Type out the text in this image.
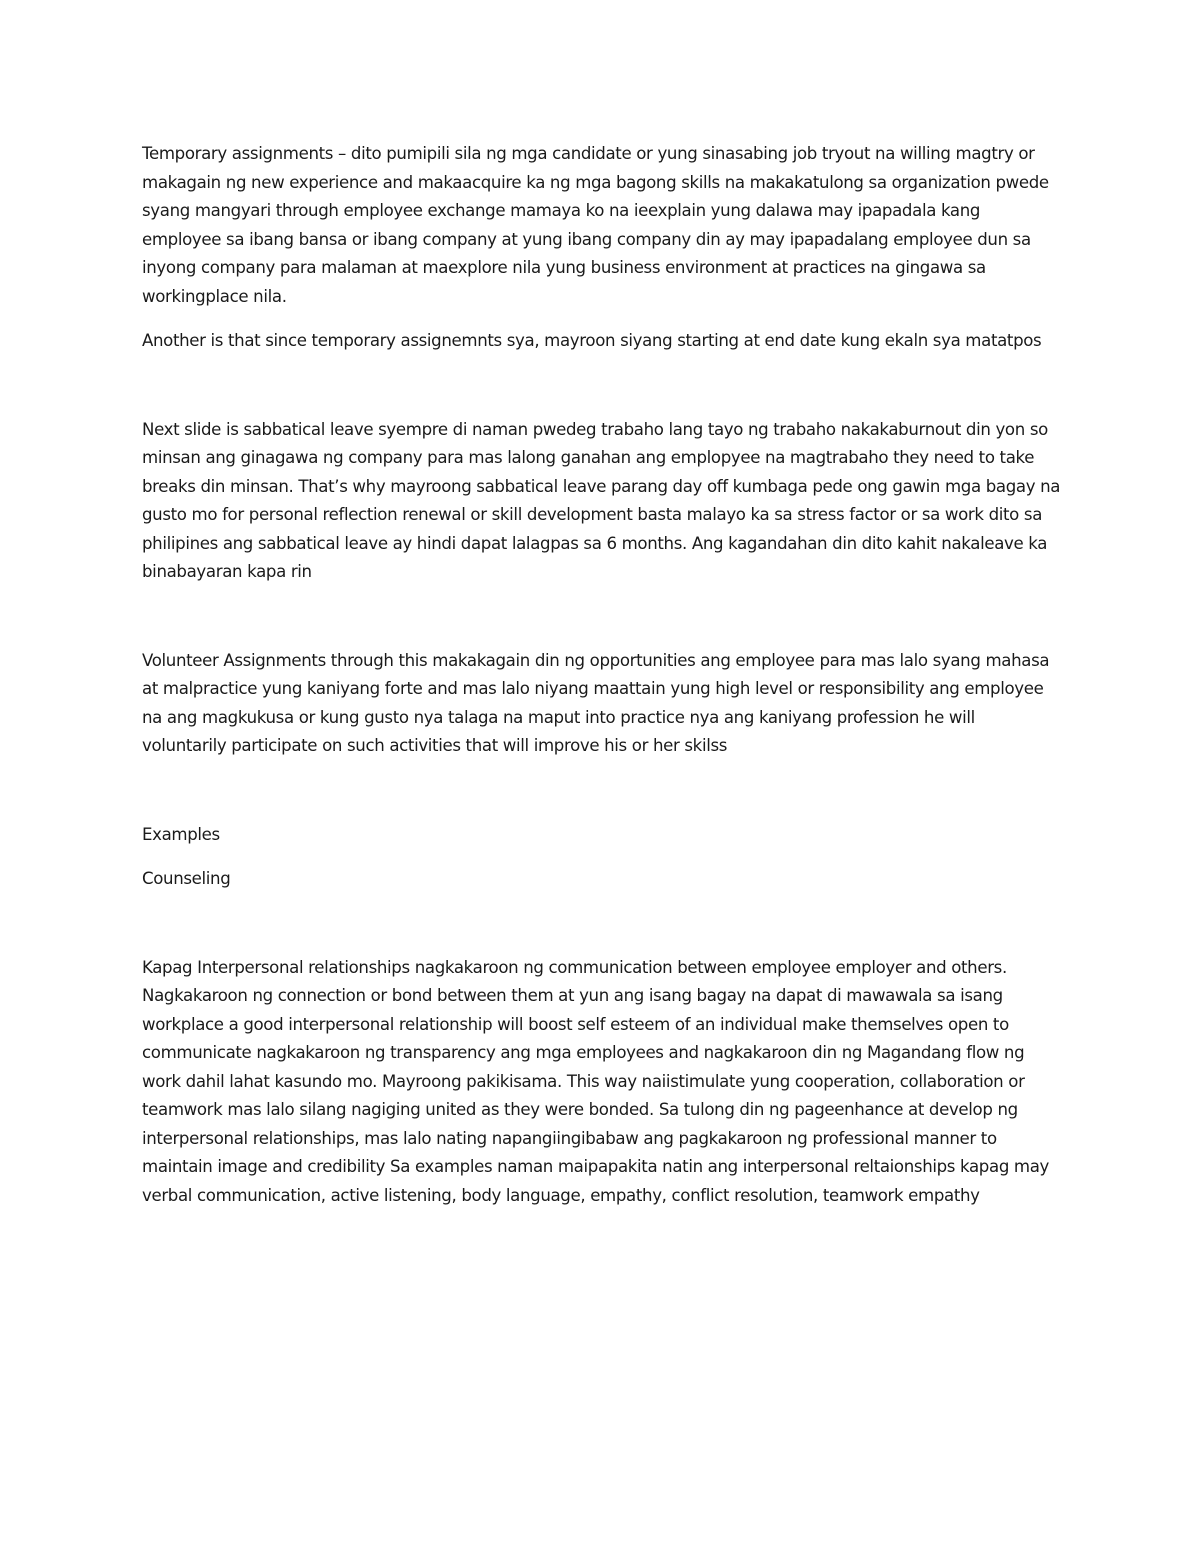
Temporary assignments – dito pumipili sila ng mga candidate or yung sinasabing job tryout na willing magtry or makagain ng new experience and makaacquire ka ng mga bagong skills na makakatulong sa organization pwede syang mangyari through employee exchange mamaya ko na ieexplain yung dalawa may ipapadala kang employee sa ibang bansa or ibang company at yung ibang company din ay may ipapadalang employee dun sa inyong company para malaman at maexplore nila yung business environment at practices na gingawa sa workingplace nila.

Another is that since temporary assignemnts sya, mayroon siyang starting at end date kung ekaln sya matatpos

Next slide is sabbatical leave syempre di naman pwedeg trabaho lang tayo ng trabaho nakakaburnout din yon so minsan ang ginagawa ng company para mas lalong ganahan ang emplopyee na magtrabaho they need to take breaks din minsan. That’s why mayroong sabbatical leave parang day off kumbaga pede ong gawin mga bagay na gusto mo for personal reflection renewal or skill development basta malayo ka sa stress factor or sa work dito sa philipines ang sabbatical leave ay hindi dapat lalagpas sa 6 months. Ang kagandahan din dito kahit nakaleave ka binabayaran kapa rin

Volunteer Assignments through this makakagain din ng opportunities ang employee para mas lalo syang mahasa at malpractice yung kaniyang forte and mas lalo niyang maattain yung high level or responsibility ang employee na ang magkukusa or kung gusto nya talaga na maput into practice nya ang kaniyang profession he will voluntarily participate on such activities that will improve his or her skilss

Examples

Counseling

Kapag Interpersonal relationships nagkakaroon ng communication between employee employer and others. Nagkakaroon ng connection or bond between them at yun ang isang bagay na dapat di mawawala sa isang workplace a good interpersonal relationship will boost self esteem of an individual make themselves open to communicate nagkakaroon ng transparency ang mga employees and nagkakaroon din ng Magandang flow ng work dahil lahat kasundo mo. Mayroong pakikisama. This way naiistimulate yung cooperation, collaboration or teamwork mas lalo silang nagiging united as they were bonded. Sa tulong din ng pageenhance at develop ng interpersonal relationships, mas lalo nating napangiingibabaw ang pagkakaroon ng professional manner to maintain image and credibility Sa examples naman maipapakita natin ang interpersonal reltaionships kapag may verbal communication, active listening, body language, empathy, conflict resolution, teamwork empathy
